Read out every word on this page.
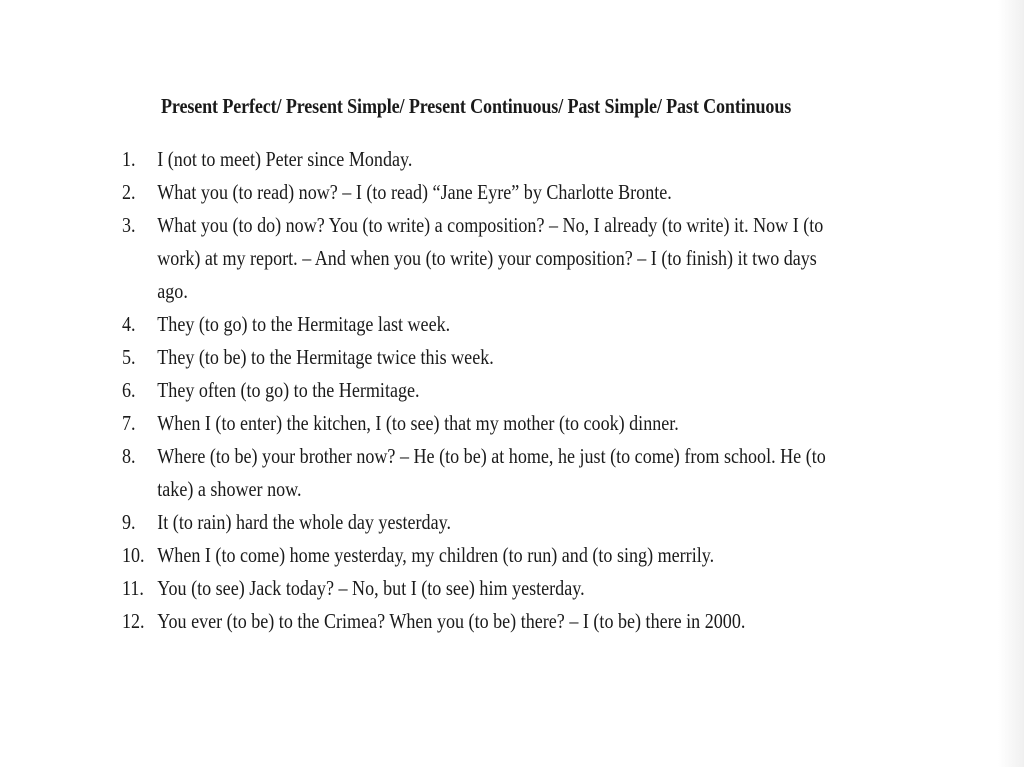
Present Perfect/ Present Simple/ Present Continuous/ Past Simple/ Past Continuous
1.	I (not to meet) Peter since Monday.
2.	What you (to read) now? – I (to read) “Jane Eyre” by Charlotte Bronte.
3.	What you (to do) now? You (to write) a composition? – No, I already (to write) it. Now I (to
work) at my report. – And when you (to write) your composition? – I (to finish) it two days
ago.
4.	They (to go) to the Hermitage last week.
5.	They (to be) to the Hermitage twice this week.
6.	They often (to go) to the Hermitage.
7.	When I (to enter) the kitchen, I (to see) that my mother (to cook) dinner.
8.	Where (to be) your brother now? – He (to be) at home, he just (to come) from school. He (to
take) a shower now.
9.	It (to rain) hard the whole day yesterday.
10. When I (to come) home yesterday, my children (to run) and (to sing) merrily.
11. You (to see) Jack today? – No, but I (to see) him yesterday.
12. You ever (to be) to the Crimea? When you (to be) there? – I (to be) there in 2000.
